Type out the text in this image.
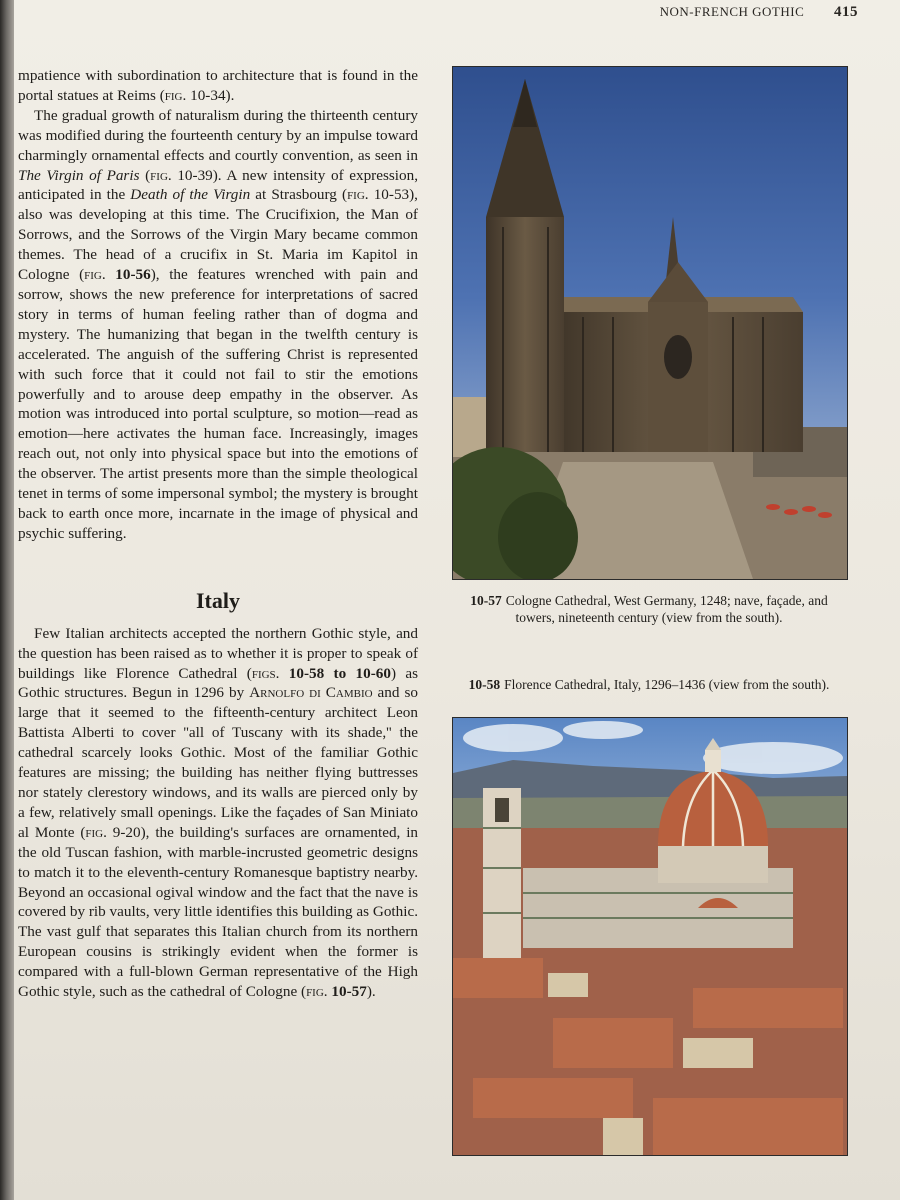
NON-FRENCH GOTHIC 415

mpatience with subordination to architecture that is found in the portal statues at Reims (fig. 10-34).

The gradual growth of naturalism during the thirteenth century was modified during the fourteenth century by an impulse toward charmingly ornamental effects and courtly convention, as seen in The Virgin of Paris (fig. 10-39). A new intensity of expression, anticipated in the Death of the Virgin at Strasbourg (fig. 10-53), also was developing at this time. The Crucifixion, the Man of Sorrows, and the Sorrows of the Virgin Mary became common themes. The head of a crucifix in St. Maria im Kapitol in Cologne (fig. 10-56), the features wrenched with pain and sorrow, shows the new preference for interpretations of sacred story in terms of human feeling rather than of dogma and mystery. The humanizing that began in the twelfth century is accelerated. The anguish of the suffering Christ is represented with such force that it could not fail to stir the emotions powerfully and to arouse deep empathy in the observer. As motion was introduced into portal sculpture, so motion—read as emotion—here activates the human face. Increasingly, images reach out, not only into physical space but into the emotions of the observer. The artist presents more than the simple theological tenet in terms of some impersonal symbol; the mystery is brought back to earth once more, incarnate in the image of physical and psychic suffering.

Italy

Few Italian architects accepted the northern Gothic style, and the question has been raised as to whether it is proper to speak of buildings like Florence Cathedral (figs. 10-58 to 10-60) as Gothic structures. Begun in 1296 by Arnolfo di Cambio and so large that it seemed to the fifteenth-century architect Leon Battista Alberti to cover ''all of Tuscany with its shade,'' the cathedral scarcely looks Gothic. Most of the familiar Gothic features are missing; the building has neither flying buttresses nor stately clerestory windows, and its walls are pierced only by a few, relatively small openings. Like the façades of San Miniato al Monte (fig. 9-20), the building's surfaces are ornamented, in the old Tuscan fashion, with marble-incrusted geometric designs to match it to the eleventh-century Romanesque baptistry nearby. Beyond an occasional ogival window and the fact that the nave is covered by rib vaults, very little identifies this building as Gothic. The vast gulf that separates this Italian church from its northern European cousins is strikingly evident when the former is compared with a full-blown German representative of the High Gothic style, such as the cathedral of Cologne (fig. 10-57).

10-57 Cologne Cathedral, West Germany, 1248; nave, façade, and towers, nineteenth century (view from the south).
10-58 Florence Cathedral, Italy, 1296–1436 (view from the south).
